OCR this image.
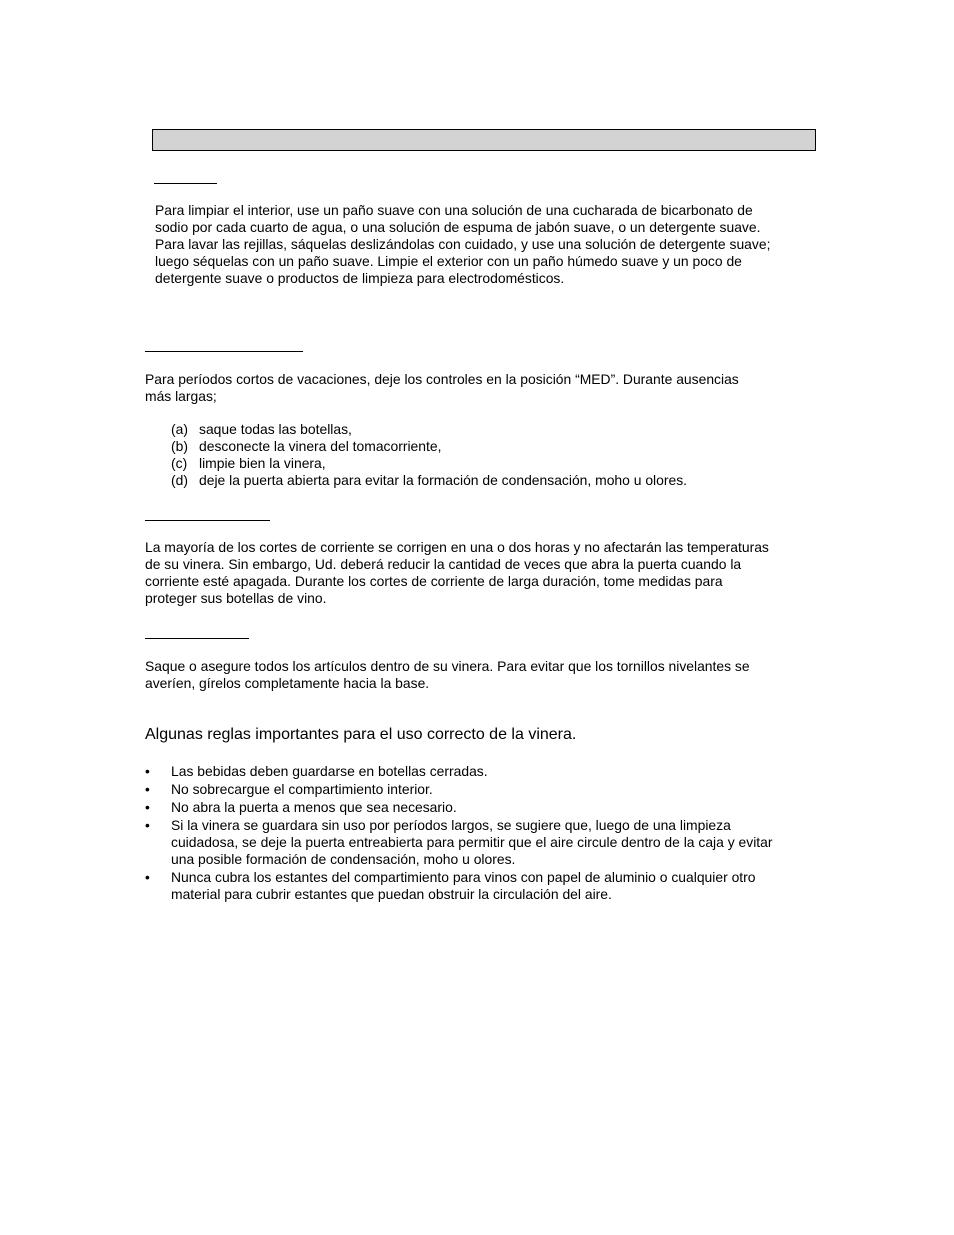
Para limpiar el interior, use un paño suave con una solución de una cucharada de bicarbonato de
sodio por cada cuarto de agua, o una solución de espuma de jabón suave, o un detergente suave.
Para lavar las rejillas, sáquelas deslizándolas con cuidado, y use una solución de detergente suave;
luego séquelas con un paño suave. Limpie el exterior con un paño húmedo suave y un poco de
detergente suave o productos de limpieza para electrodomésticos.
Para períodos cortos de vacaciones, deje los controles en la posición “MED”. Durante ausencias
más largas;
(a) saque todas las botellas,
(b) desconecte la vinera del tomacorriente,
(c) limpie bien la vinera,
(d) deje la puerta abierta para evitar la formación de condensación, moho u olores.
La mayoría de los cortes de corriente se corrigen en una o dos horas y no afectarán las temperaturas
de su vinera. Sin embargo, Ud. deberá reducir la cantidad de veces que abra la puerta cuando la
corriente esté apagada. Durante los cortes de corriente de larga duración, tome medidas para
proteger sus botellas de vino.
Saque o asegure todos los artículos dentro de su vinera. Para evitar que los tornillos nivelantes se
averíen, gírelos completamente hacia la base.
Algunas reglas importantes para el uso correcto de la vinera.
• Las bebidas deben guardarse en botellas cerradas.
• No sobrecargue el compartimiento interior.
• No abra la puerta a menos que sea necesario.
• Si la vinera se guardara sin uso por períodos largos, se sugiere que, luego de una limpieza
cuidadosa, se deje la puerta entreabierta para permitir que el aire circule dentro de la caja y evitar
una posible formación de condensación, moho u olores.
• Nunca cubra los estantes del compartimiento para vinos con papel de aluminio o cualquier otro
material para cubrir estantes que puedan obstruir la circulación del aire.
